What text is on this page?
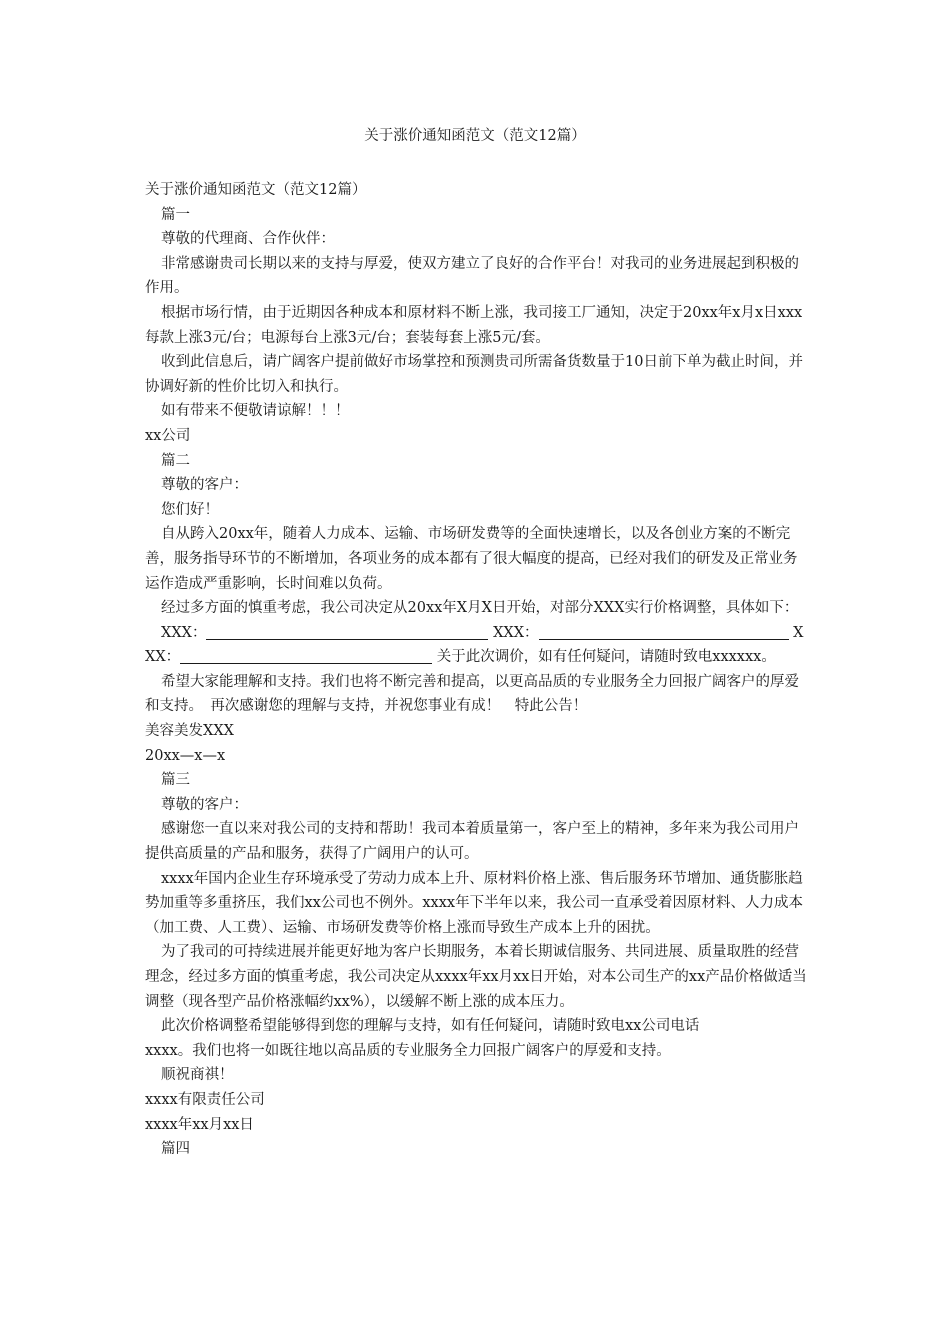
关于涨价通知函范文（范文12篇）

关于涨价通知函范文（范文12篇）

篇一

尊敬的代理商、合作伙伴：

非常感谢贵司长期以来的支持与厚爱，使双方建立了良好的合作平台！对我司的业务进展起到积极的作用。

根据市场行情，由于近期因各种成本和原材料不断上涨，我司接工厂通知，决定于20xx年x月x日xxx每款上涨3元/台；电源每台上涨3元/台；套装每套上涨5元/套。

收到此信息后，请广阔客户提前做好市场掌控和预测贵司所需备货数量于10日前下单为截止时间，并协调好新的性价比切入和执行。

如有带来不便敬请谅解！！！

xx公司

篇二

尊敬的客户：

您们好！

自从跨入20xx年，随着人力成本、运输、市场研发费等的全面快速增长，以及各创业方案的不断完善，服务指导环节的不断增加，各项业务的成本都有了很大幅度的提高，已经对我们的研发及正常业务运作造成严重影响，长时间难以负荷。

经过多方面的慎重考虑，我公司决定从20xx年X月X日开始，对部分XXX实行价格调整，具体如下：

XXX：	XXX：	XXX：	关于此次调价，如有任何疑问，请随时致电xxxxxx。

希望大家能理解和支持。我们也将不断完善和提高，以更高品质的专业服务全力回报广阔客户的厚爱和支持。　再次感谢您的理解与支持，并祝您事业有成！　特此公告！

美容美发XXX

20xx—x—x

篇三

尊敬的客户：

感谢您一直以来对我公司的支持和帮助！我司本着质量第一，客户至上的精神，多年来为我公司用户提供高质量的产品和服务，获得了广阔用户的认可。

xxxx年国内企业生存环境承受了劳动力成本上升、原材料价格上涨、售后服务环节增加、通货膨胀趋势加重等多重挤压，我们xx公司也不例外。xxxx年下半年以来，我公司一直承受着因原材料、人力成本（加工费、人工费）、运输、市场研发费等价格上涨而导致生产成本上升的困扰。

为了我司的可持续进展并能更好地为客户长期服务，本着长期诚信服务、共同进展、质量取胜的经营理念，经过多方面的慎重考虑，我公司决定从xxxx年xx月xx日开始，对本公司生产的xx产品价格做适当调整（现各型产品价格涨幅约xx%），以缓解不断上涨的成本压力。

此次价格调整希望能够得到您的理解与支持，如有任何疑问，请随时致电xx公司电话

xxxx。我们也将一如既往地以高品质的专业服务全力回报广阔客户的厚爱和支持。

顺祝商祺！

xxxx有限责任公司

xxxx年xx月xx日

篇四
